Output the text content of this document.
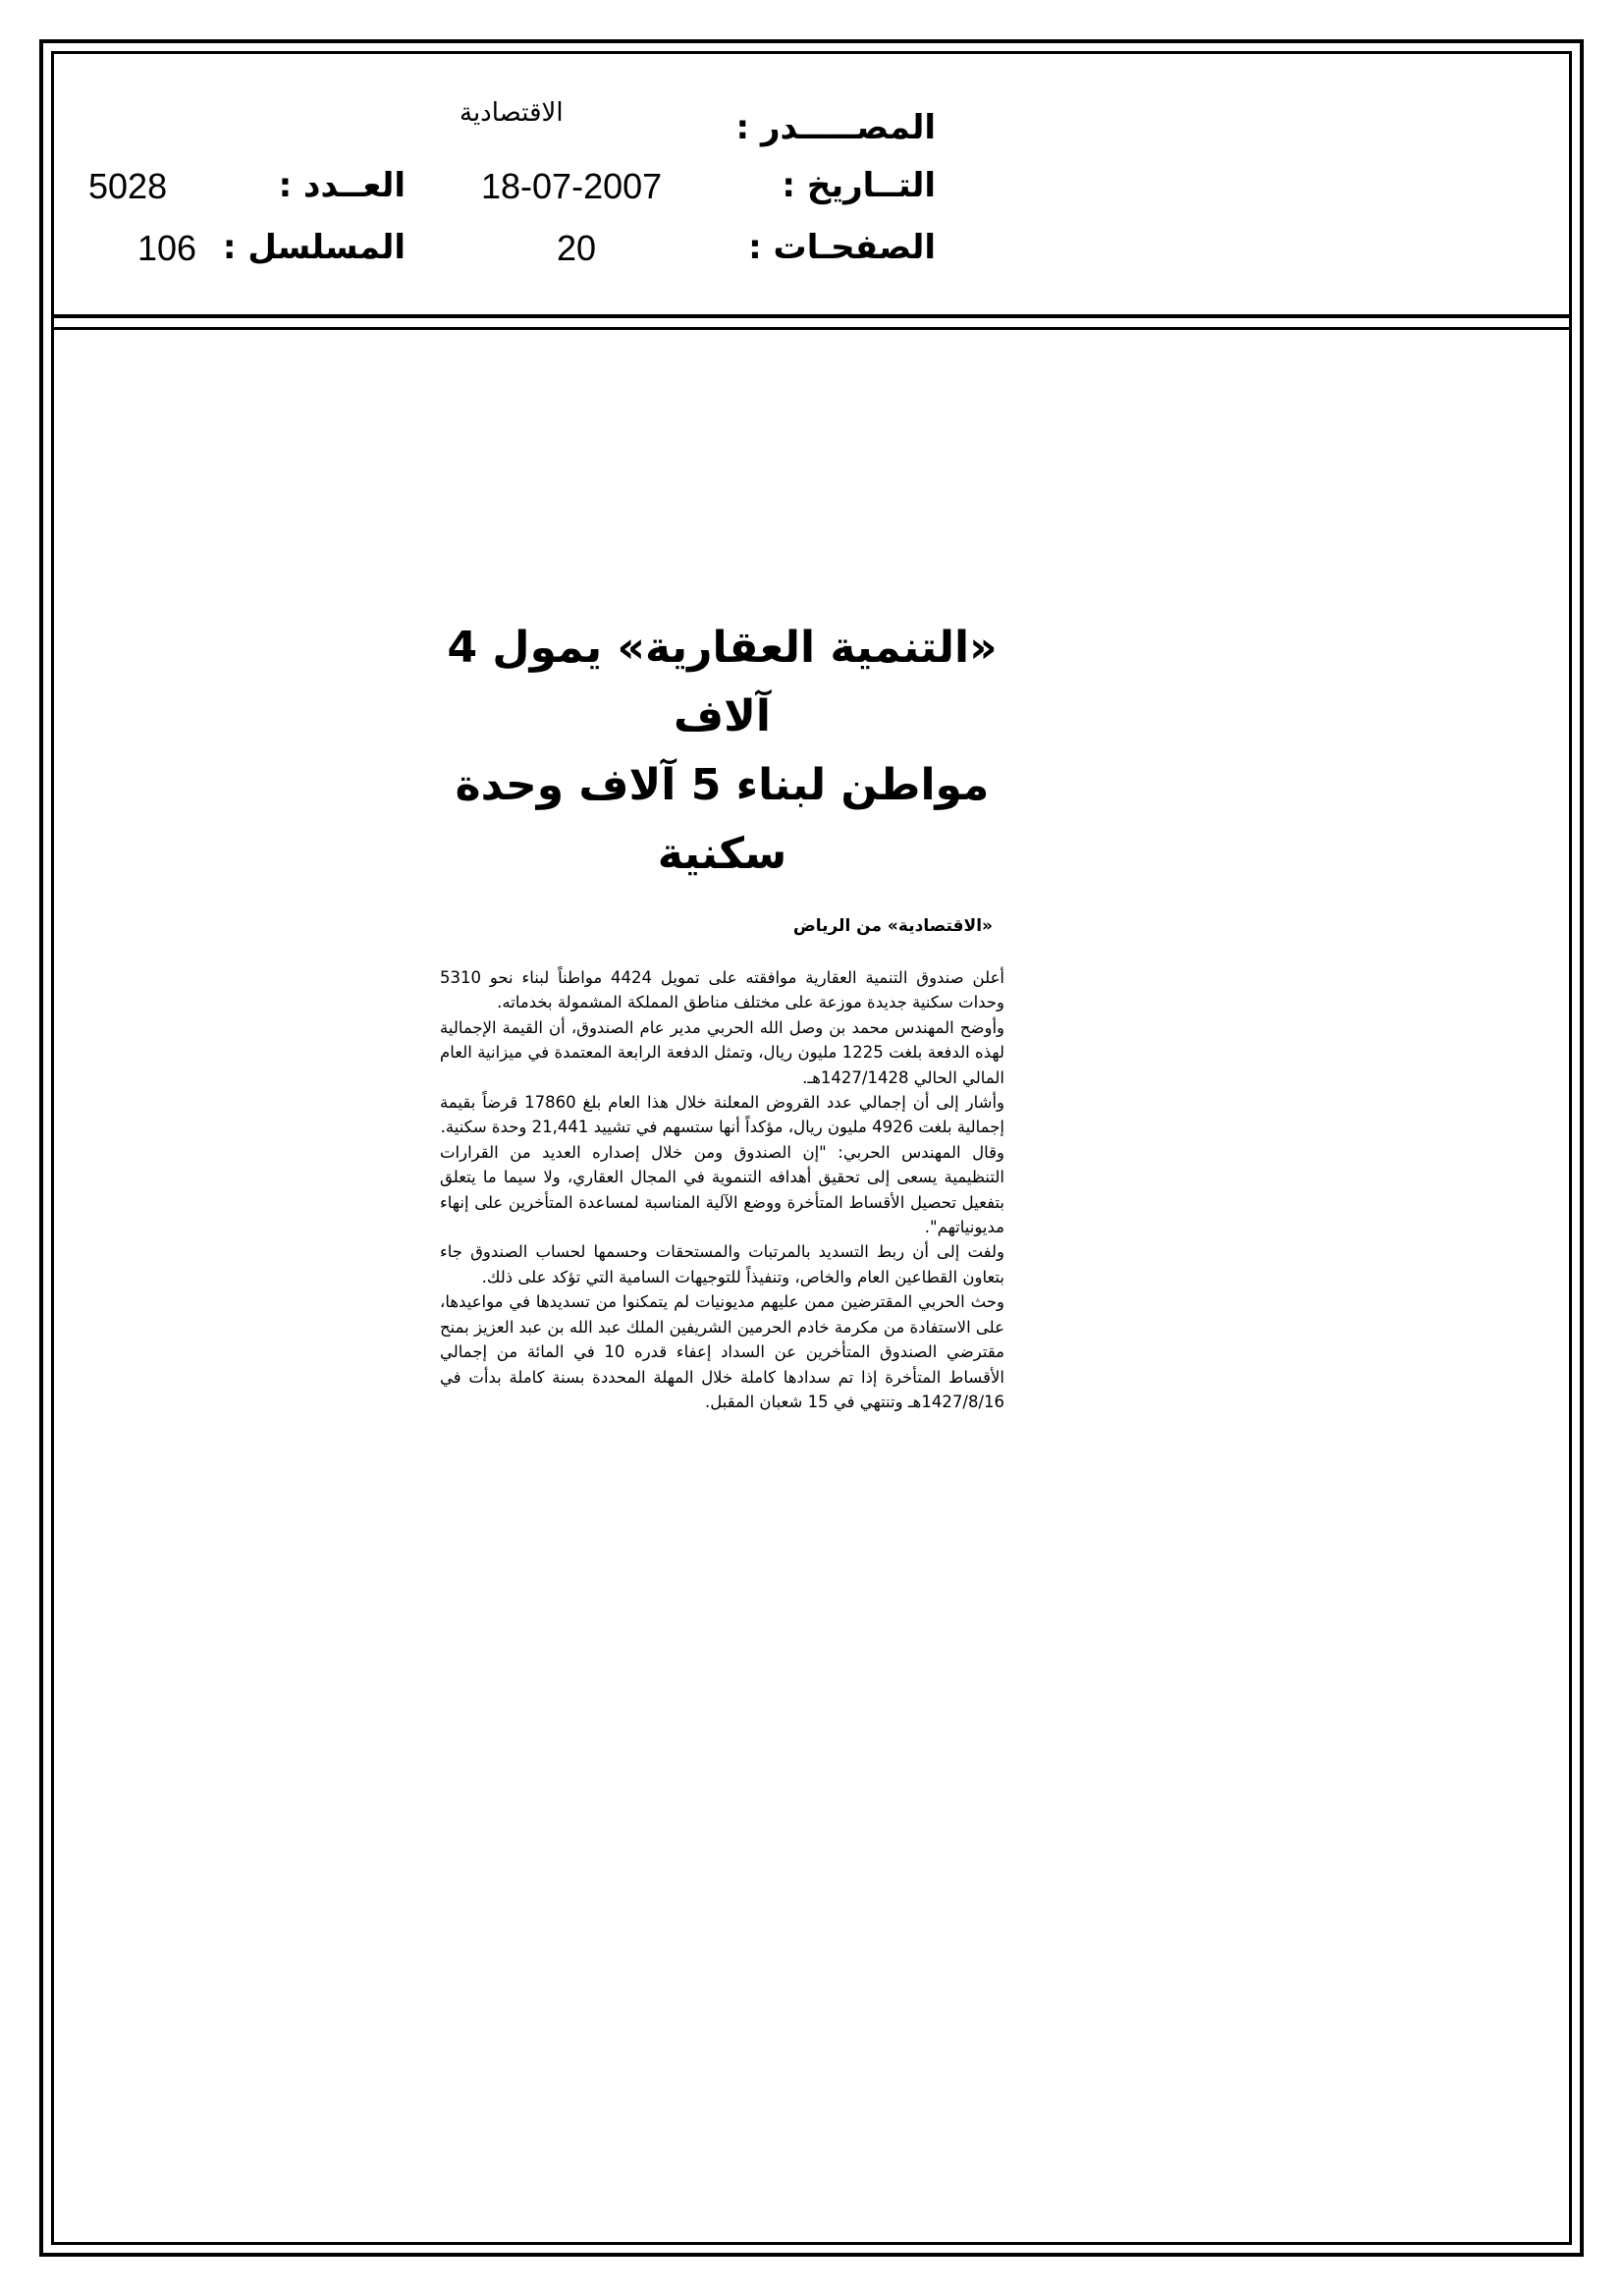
المصـــــدر :
التــاريخ :
الصفحـات :
الاقتصادية
18-07-2007
20
العــدد :
المسلسل :
5028
106
«التنمية العقارية» يمول 4 آلاف
مواطن لبناء 5 آلاف وحدة سكنية
«الاقتصادية» من الرياض

أعلن صندوق التنمية العقارية موافقته على تمويل 4424 مواطناً لبناء نحو 5310 وحدات سكنية جديدة موزعة على مختلف مناطق المملكة المشمولة بخدماته.

وأوضح المهندس محمد بن وصل الله الحربي مدير عام الصندوق، أن القيمة الإجمالية لهذه الدفعة بلغت 1225 مليون ريال، وتمثل الدفعة الرابعة المعتمدة في ميزانية العام المالي الحالي 1427/1428هـ.

وأشار إلى أن إجمالي عدد القروض المعلنة خلال هذا العام بلغ 17860 قرضاً بقيمة إجمالية بلغت 4926 مليون ريال، مؤكداً أنها ستسهم في تشييد 21,441 وحدة سكنية.

وقال المهندس الحربي: "إن الصندوق ومن خلال إصداره العديد من القرارات التنظيمية يسعى إلى تحقيق أهدافه التنموية في المجال العقاري، ولا سيما ما يتعلق بتفعيل تحصيل الأقساط المتأخرة ووضع الآلية المناسبة لمساعدة المتأخرين على إنهاء مديونياتهم".

ولفت إلى أن ربط التسديد بالمرتبات والمستحقات وحسمها لحساب الصندوق جاء بتعاون القطاعين العام والخاص، وتنفيذاً للتوجيهات السامية التي تؤكد على ذلك.

وحث الحربي المقترضين ممن عليهم مديونيات لم يتمكنوا من تسديدها في مواعيدها، على الاستفادة من مكرمة خادم الحرمين الشريفين الملك عبد الله بن عبد العزيز بمنح مقترضي الصندوق المتأخرين عن السداد إعفاء قدره 10 في المائة من إجمالي الأقساط المتأخرة إذا تم سدادها كاملة خلال المهلة المحددة بسنة كاملة بدأت في 1427/8/16هـ وتنتهي في 15 شعبان المقبل.
